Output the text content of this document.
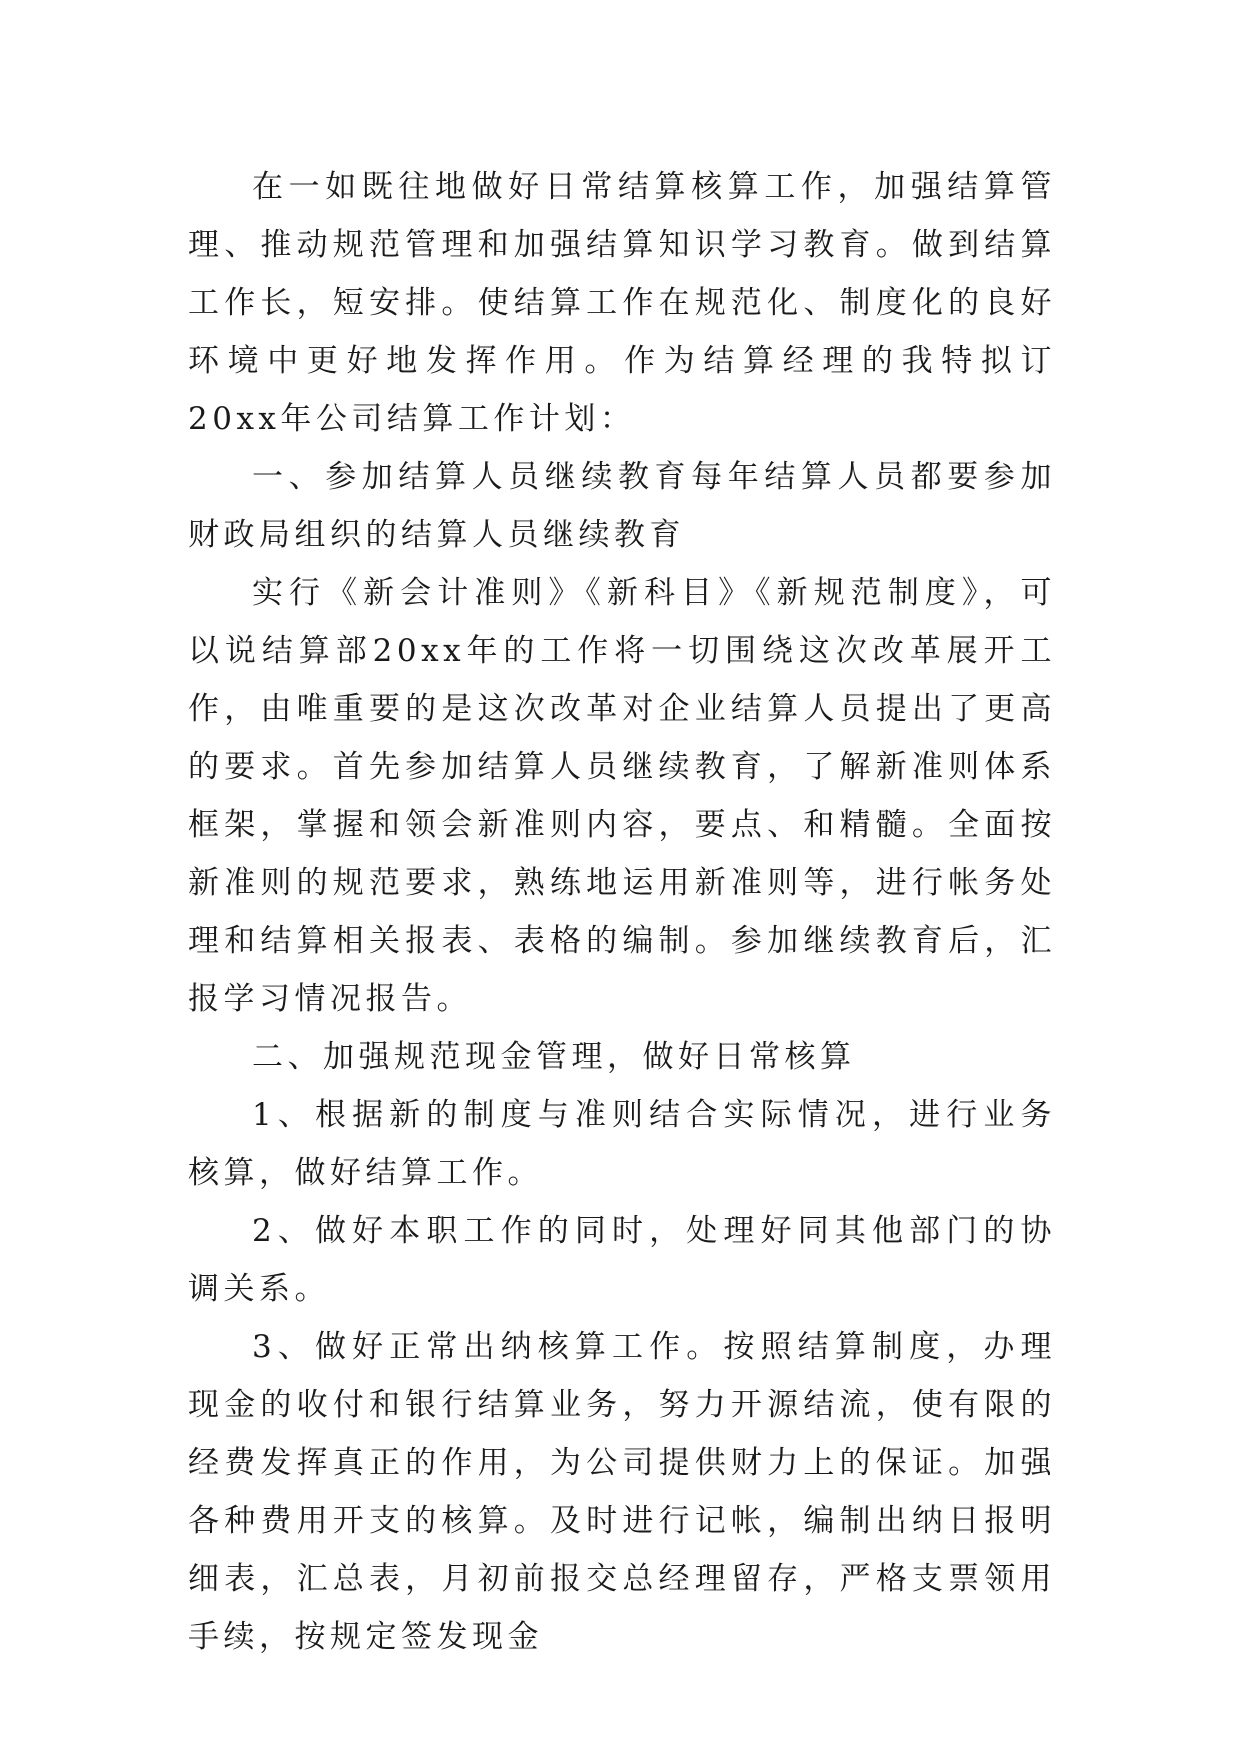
在一如既往地做好日常结算核算工作，加强结算管理、推动规范管理和加强结算知识学习教育。做到结算工作长，短安排。使结算工作在规范化、制度化的良好环境中更好地发挥作用。作为结算经理的我特拟订20xx年公司结算工作计划：

一、参加结算人员继续教育每年结算人员都要参加财政局组织的结算人员继续教育

实行《新会计准则》《新科目》《新规范制度》，可以说结算部20xx年的工作将一切围绕这次改革展开工作，由唯重要的是这次改革对企业结算人员提出了更高的要求。首先参加结算人员继续教育，了解新准则体系框架，掌握和领会新准则内容，要点、和精髓。全面按新准则的规范要求，熟练地运用新准则等，进行帐务处理和结算相关报表、表格的编制。参加继续教育后，汇报学习情况报告。

二、加强规范现金管理，做好日常核算

1、根据新的制度与准则结合实际情况，进行业务核算，做好结算工作。

2、做好本职工作的同时，处理好同其他部门的协调关系。

3、做好正常出纳核算工作。按照结算制度，办理现金的收付和银行结算业务，努力开源结流，使有限的经费发挥真正的作用，为公司提供财力上的保证。加强各种费用开支的核算。及时进行记帐，编制出纳日报明细表，汇总表，月初前报交总经理留存，严格支票领用手续，按规定签发现金
